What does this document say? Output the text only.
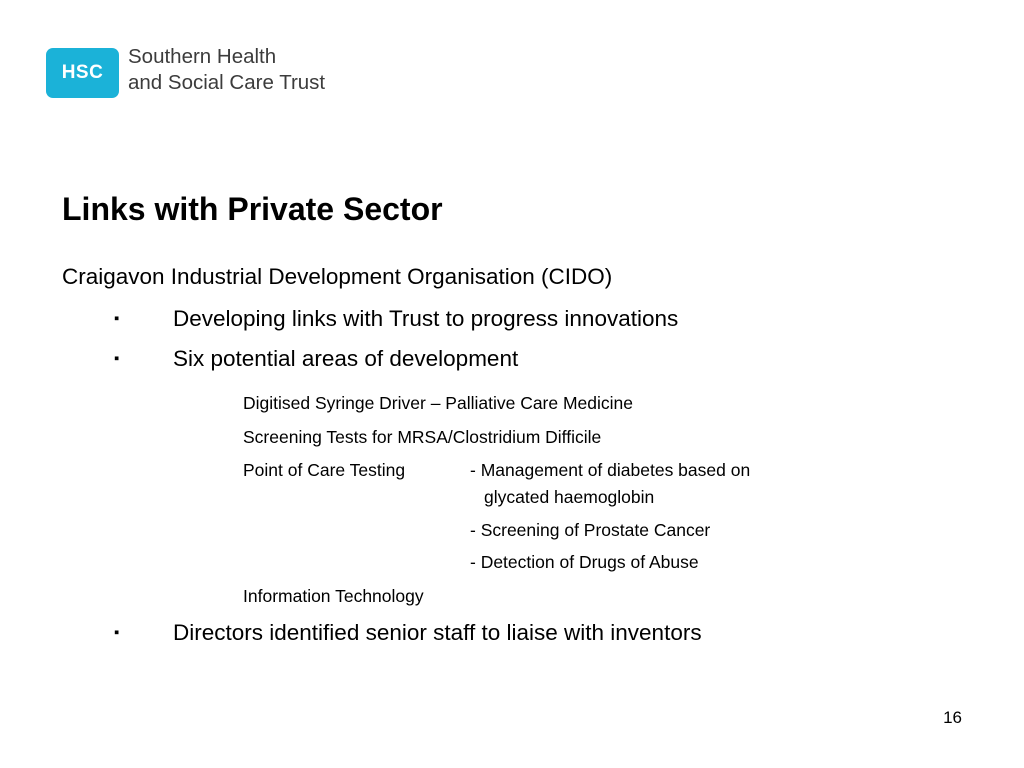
HSC
Southern Health
and Social Care Trust
Links with Private Sector
Craigavon Industrial Development Organisation (CIDO)
▪ Developing links with Trust to progress innovations
▪ Six potential areas of development
Digitised Syringe Driver – Palliative Care Medicine
Screening Tests for MRSA/Clostridium Difficile
Point of Care Testing	- Management of diabetes based on
glycated haemoglobin
- Screening of Prostate Cancer
- Detection of Drugs of Abuse
Information Technology
▪ Directors identified senior staff to liaise with inventors
16
